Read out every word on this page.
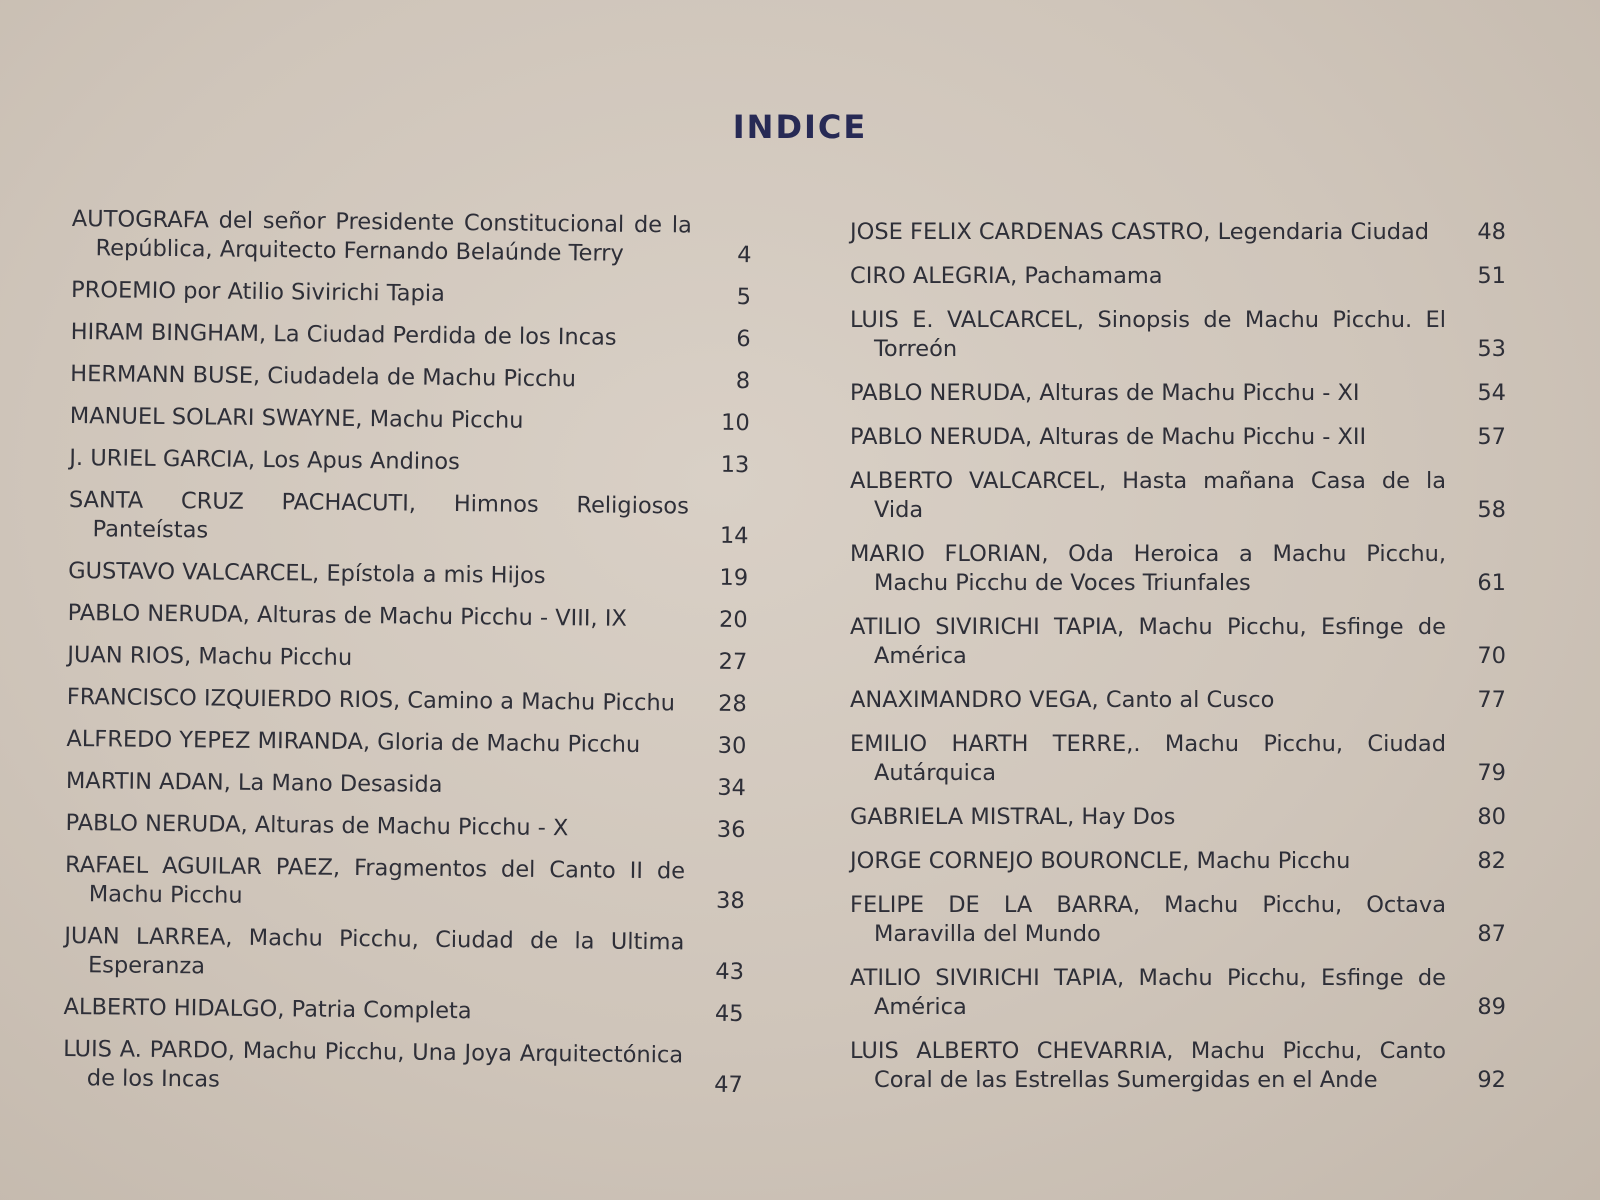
INDICE
AUTOGRAFA del señor Presidente Constitucional de la República, Arquitecto Fernando Belaúnde Terry	4
PROEMIO por Atilio Sivirichi Tapia	5
HIRAM BINGHAM, La Ciudad Perdida de los Incas	6
HERMANN BUSE, Ciudadela de Machu Picchu	8
MANUEL SOLARI SWAYNE, Machu Picchu	10
J. URIEL GARCIA, Los Apus Andinos	13
SANTA CRUZ PACHACUTI, Himnos Religiosos Panteístas	14
GUSTAVO VALCARCEL, Epístola a mis Hijos	19
PABLO NERUDA, Alturas de Machu Picchu - VIII, IX	20
JUAN RIOS, Machu Picchu	27
FRANCISCO IZQUIERDO RIOS, Camino a Machu Picchu	28
ALFREDO YEPEZ MIRANDA, Gloria de Machu Picchu	30
MARTIN ADAN, La Mano Desasida	34
PABLO NERUDA, Alturas de Machu Picchu - X	36
RAFAEL AGUILAR PAEZ, Fragmentos del Canto II de Machu Picchu	38
JUAN LARREA, Machu Picchu, Ciudad de la Ultima Esperanza	43
ALBERTO HIDALGO, Patria Completa	45
LUIS A. PARDO, Machu Picchu, Una Joya Arquitectónica de los Incas	47
JOSE FELIX CARDENAS CASTRO, Legendaria Ciudad	48
CIRO ALEGRIA, Pachamama	51
LUIS E. VALCARCEL, Sinopsis de Machu Picchu. El Torreón	53
PABLO NERUDA, Alturas de Machu Picchu - XI	54
PABLO NERUDA, Alturas de Machu Picchu - XII	57
ALBERTO VALCARCEL, Hasta mañana Casa de la Vida	58
MARIO FLORIAN, Oda Heroica a Machu Picchu, Machu Picchu de Voces Triunfales	61
ATILIO SIVIRICHI TAPIA, Machu Picchu, Esfinge de América	70
ANAXIMANDRO VEGA, Canto al Cusco	77
EMILIO HARTH TERRE,. Machu Picchu, Ciudad Autárquica	79
GABRIELA MISTRAL, Hay Dos	80
JORGE CORNEJO BOURONCLE, Machu Picchu	82
FELIPE DE LA BARRA, Machu Picchu, Octava Maravilla del Mundo	87
ATILIO SIVIRICHI TAPIA, Machu Picchu, Esfinge de América	89
LUIS ALBERTO CHEVARRIA, Machu Picchu, Canto Coral de las Estrellas Sumergidas en el Ande	92
